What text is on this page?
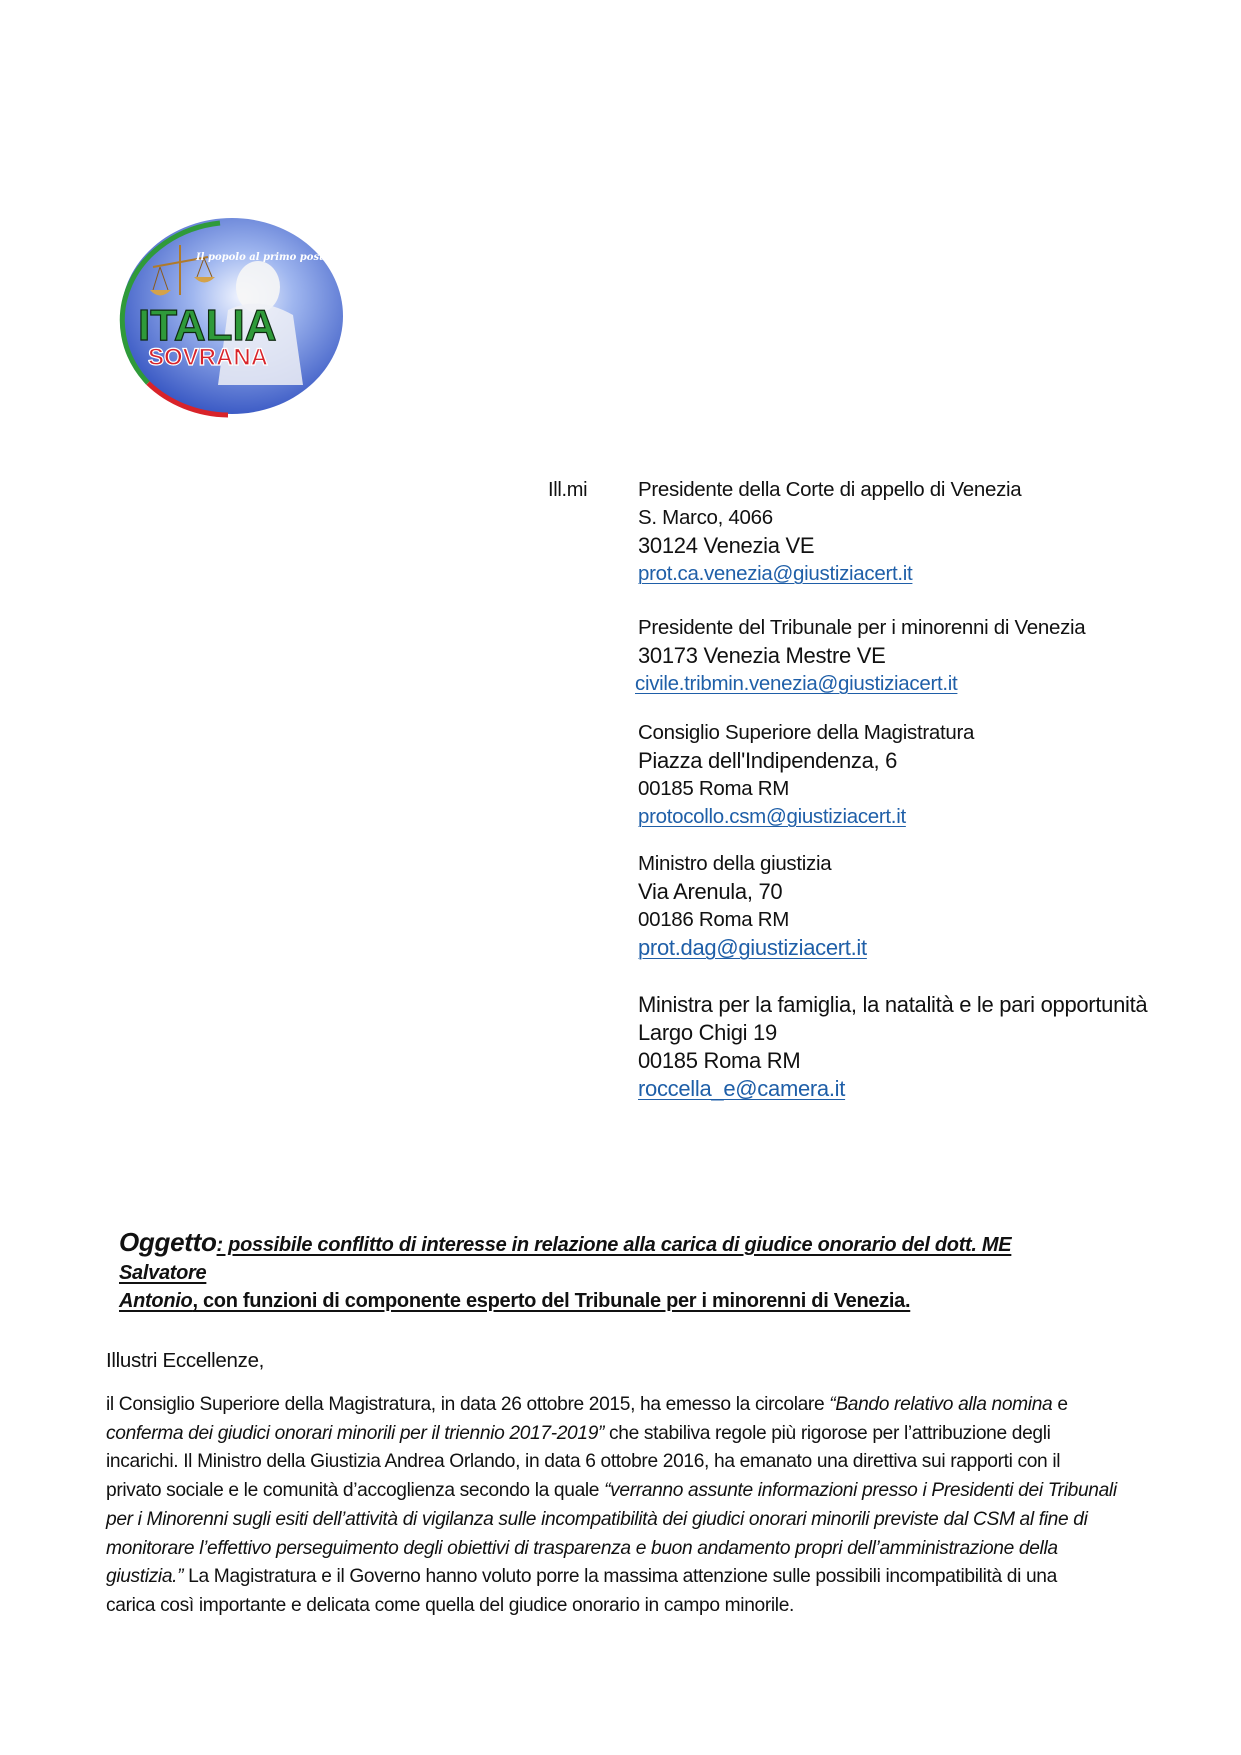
Il popolo al primo posto
ITALIA
SOVRANA
Ill.mi Presidente della Corte di appello di Venezia
S. Marco, 4066
30124 Venezia VE
prot.ca.venezia@giustiziacert.it
Presidente del Tribunale per i minorenni di Venezia
30173 Venezia Mestre VE
civile.tribmin.venezia@giustiziacert.it
Consiglio Superiore della Magistratura
Piazza dell'Indipendenza, 6
00185 Roma RM
protocollo.csm@giustiziacert.it
Ministro della giustizia
Via Arenula, 70
00186 Roma RM
prot.dag@giustiziacert.it
Ministra per la famiglia, la natalità e le pari opportunità
Largo Chigi 19
00185 Roma RM
roccella_e@camera.it
Oggetto: possibile conflitto di interesse in relazione alla carica di giudice onorario del dott. ME Salvatore
Antonio, con funzioni di componente esperto del Tribunale per i minorenni di Venezia.
Illustri Eccellenze,
il Consiglio Superiore della Magistratura, in data 26 ottobre 2015, ha emesso la circolare “Bando relativo alla nomina e
conferma dei giudici onorari minorili per il triennio 2017-2019” che stabiliva regole più rigorose per l’attribuzione degli
incarichi. Il Ministro della Giustizia Andrea Orlando, in data 6 ottobre 2016, ha emanato una direttiva sui rapporti con il
privato sociale e le comunità d’accoglienza secondo la quale “verranno assunte informazioni presso i Presidenti dei Tribunali
per i Minorenni sugli esiti dell’attività di vigilanza sulle incompatibilità dei giudici onorari minorili previste dal CSM al fine di
monitorare l’effettivo perseguimento degli obiettivi di trasparenza e buon andamento propri dell’amministrazione della
giustizia.” La Magistratura e il Governo hanno voluto porre la massima attenzione sulle possibili incompatibilità di una
carica così importante e delicata come quella del giudice onorario in campo minorile.
